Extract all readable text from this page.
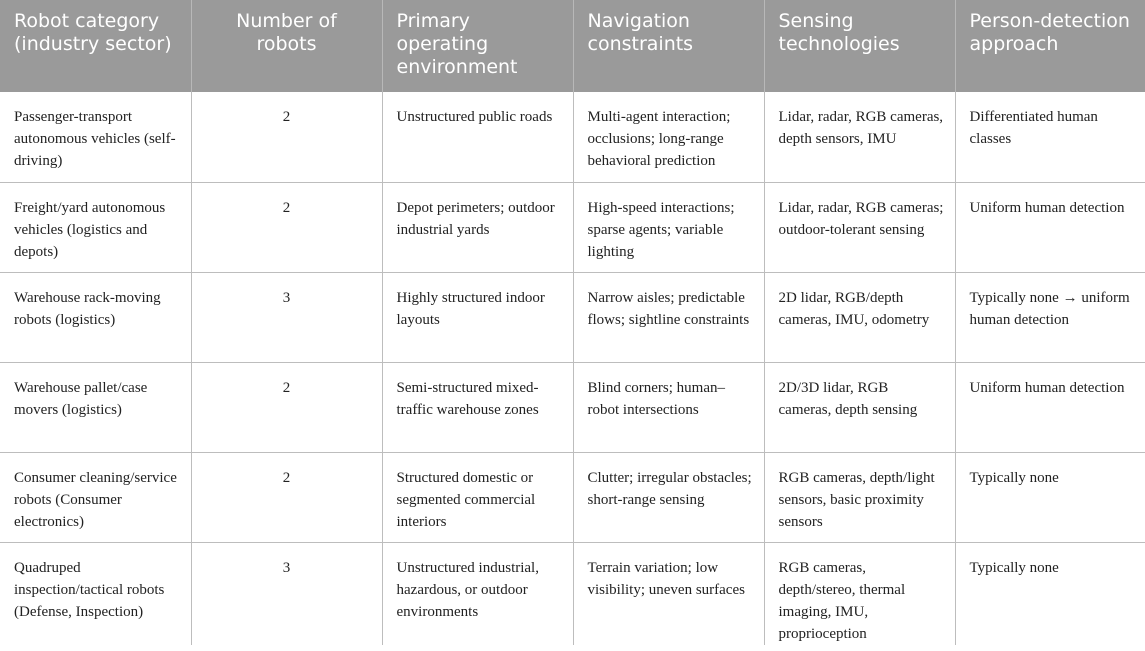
Robot category (industry sector)	Number of robots	Primary operating environment	Navigation constraints	Sensing technologies	Person-detection approach
Passenger-transport autonomous vehicles (self-driving)	2	Unstructured public roads	Multi-agent interaction; occlusions; long-range behavioral prediction	Lidar, radar, RGB cameras, depth sensors, IMU	Differentiated human classes
Freight/yard autonomous vehicles (logistics and depots)	2	Depot perimeters; outdoor industrial yards	High-speed interactions; sparse agents; variable lighting	Lidar, radar, RGB cameras; outdoor-tolerant sensing	Uniform human detection
Warehouse rack-moving robots (logistics)	3	Highly structured indoor layouts	Narrow aisles; predictable flows; sightline constraints	2D lidar, RGB/depth cameras, IMU, odometry	Typically none → uniform human detection
Warehouse pallet/case movers (logistics)	2	Semi-structured mixed-traffic warehouse zones	Blind corners; human–robot intersections	2D/3D lidar, RGB cameras, depth sensing	Uniform human detection
Consumer cleaning/service robots (Consumer electronics)	2	Structured domestic or segmented commercial interiors	Clutter; irregular obstacles; short-range sensing	RGB cameras, depth/light sensors, basic proximity sensors	Typically none
Quadruped inspection/tactical robots (Defense, Inspection)	3	Unstructured industrial, hazardous, or outdoor environments	Terrain variation; low visibility; uneven surfaces	RGB cameras, depth/stereo, thermal imaging, IMU, proprioception	Typically none
